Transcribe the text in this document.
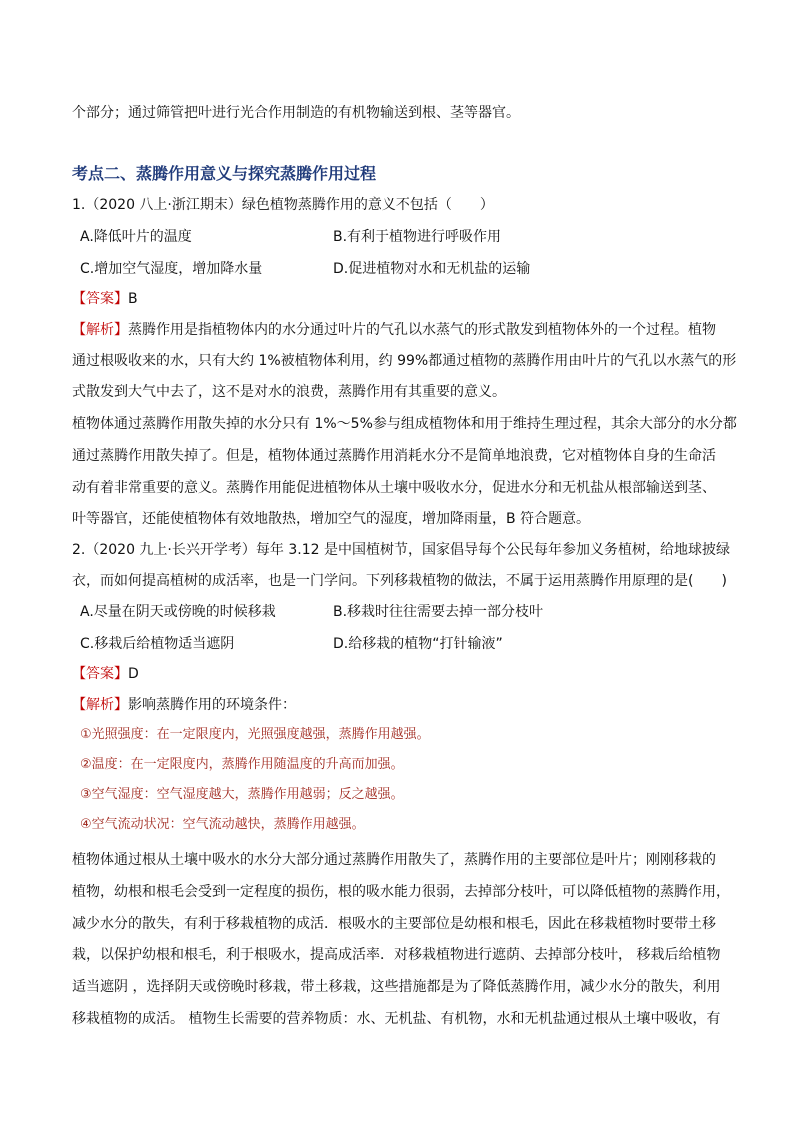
个部分；通过筛管把叶进行光合作用制造的有机物输送到根、茎等器官。
考点二、蒸腾作用意义与探究蒸腾作用过程
1.（2020 八上·浙江期末）绿色植物蒸腾作用的意义不包括（　　）
A.降低叶片的温度	B.有利于植物进行呼吸作用
C.增加空气湿度，增加降水量	D.促进植物对水和无机盐的运输
【答案】B
【解析】蒸腾作用是指植物体内的水分通过叶片的气孔以水蒸气的形式散发到植物体外的一个过程。植物
通过根吸收来的水，只有大约 1%被植物体利用，约 99%都通过植物的蒸腾作用由叶片的气孔以水蒸气的形
式散发到大气中去了，这不是对水的浪费，蒸腾作用有其重要的意义。
植物体通过蒸腾作用散失掉的水分只有 1%～5%参与组成植物体和用于维持生理过程，其余大部分的水分都
通过蒸腾作用散失掉了。但是，植物体通过蒸腾作用消耗水分不是简单地浪费，它对植物体自身的生命活
动有着非常重要的意义。蒸腾作用能促进植物体从土壤中吸收水分，促进水分和无机盐从根部输送到茎、
叶等器官，还能使植物体有效地散热，增加空气的湿度，增加降雨量，B 符合题意。
2.（2020 九上·长兴开学考）每年 3.12 是中国植树节，国家倡导每个公民每年参加义务植树，给地球披绿
衣，而如何提高植树的成活率，也是一门学问。下列移栽植物的做法，不属于运用蒸腾作用原理的是(　　)
A.尽量在阴天或傍晚的时候移栽	B.移栽时往往需要去掉一部分枝叶
C.移栽后给植物适当遮阴	D.给移栽的植物“打针输液”
【答案】D
【解析】影响蒸腾作用的环境条件：
①光照强度：在一定限度内，光照强度越强，蒸腾作用越强。
②温度：在一定限度内，蒸腾作用随温度的升高而加强。
③空气湿度：空气湿度越大，蒸腾作用越弱；反之越强。
④空气流动状况：空气流动越快，蒸腾作用越强。
植物体通过根从土壤中吸水的水分大部分通过蒸腾作用散失了，蒸腾作用的主要部位是叶片；刚刚移栽的
植物，幼根和根毛会受到一定程度的损伤，根的吸水能力很弱，去掉部分枝叶，可以降低植物的蒸腾作用，
减少水分的散失，有利于移栽植物的成活．根吸水的主要部位是幼根和根毛，因此在移栽植物时要带土移
栽，以保护幼根和根毛，利于根吸水，提高成活率．对移栽植物进行遮荫、去掉部分枝叶， 移栽后给植物
适当遮阴 ，选择阴天或傍晚时移栽，带土移栽，这些措施都是为了降低蒸腾作用，减少水分的散失，利用
移栽植物的成活。 植物生长需要的营养物质：水、无机盐、有机物，水和无机盐通过根从土壤中吸收，有
